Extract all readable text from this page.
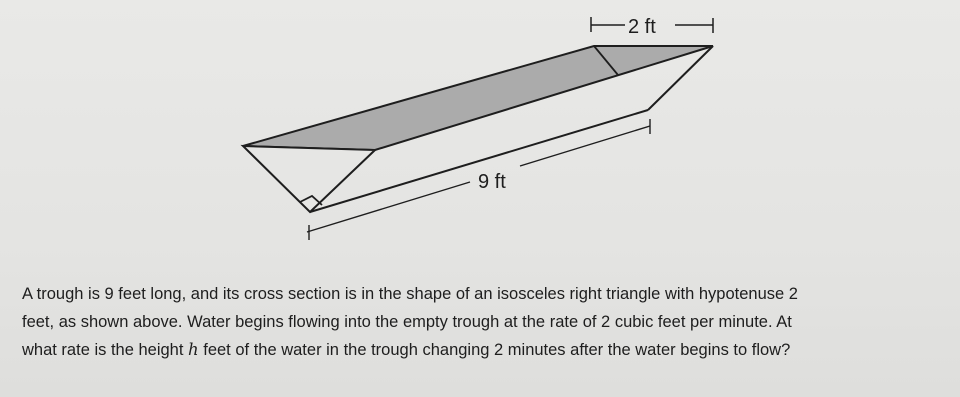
2 ft
9 ft

A trough is 9 feet long, and its cross section is in the shape of an isosceles right triangle with hypotenuse 2
feet, as shown above. Water begins flowing into the empty trough at the rate of 2 cubic feet per minute. At
what rate is the height h feet of the water in the trough changing 2 minutes after the water begins to flow?
